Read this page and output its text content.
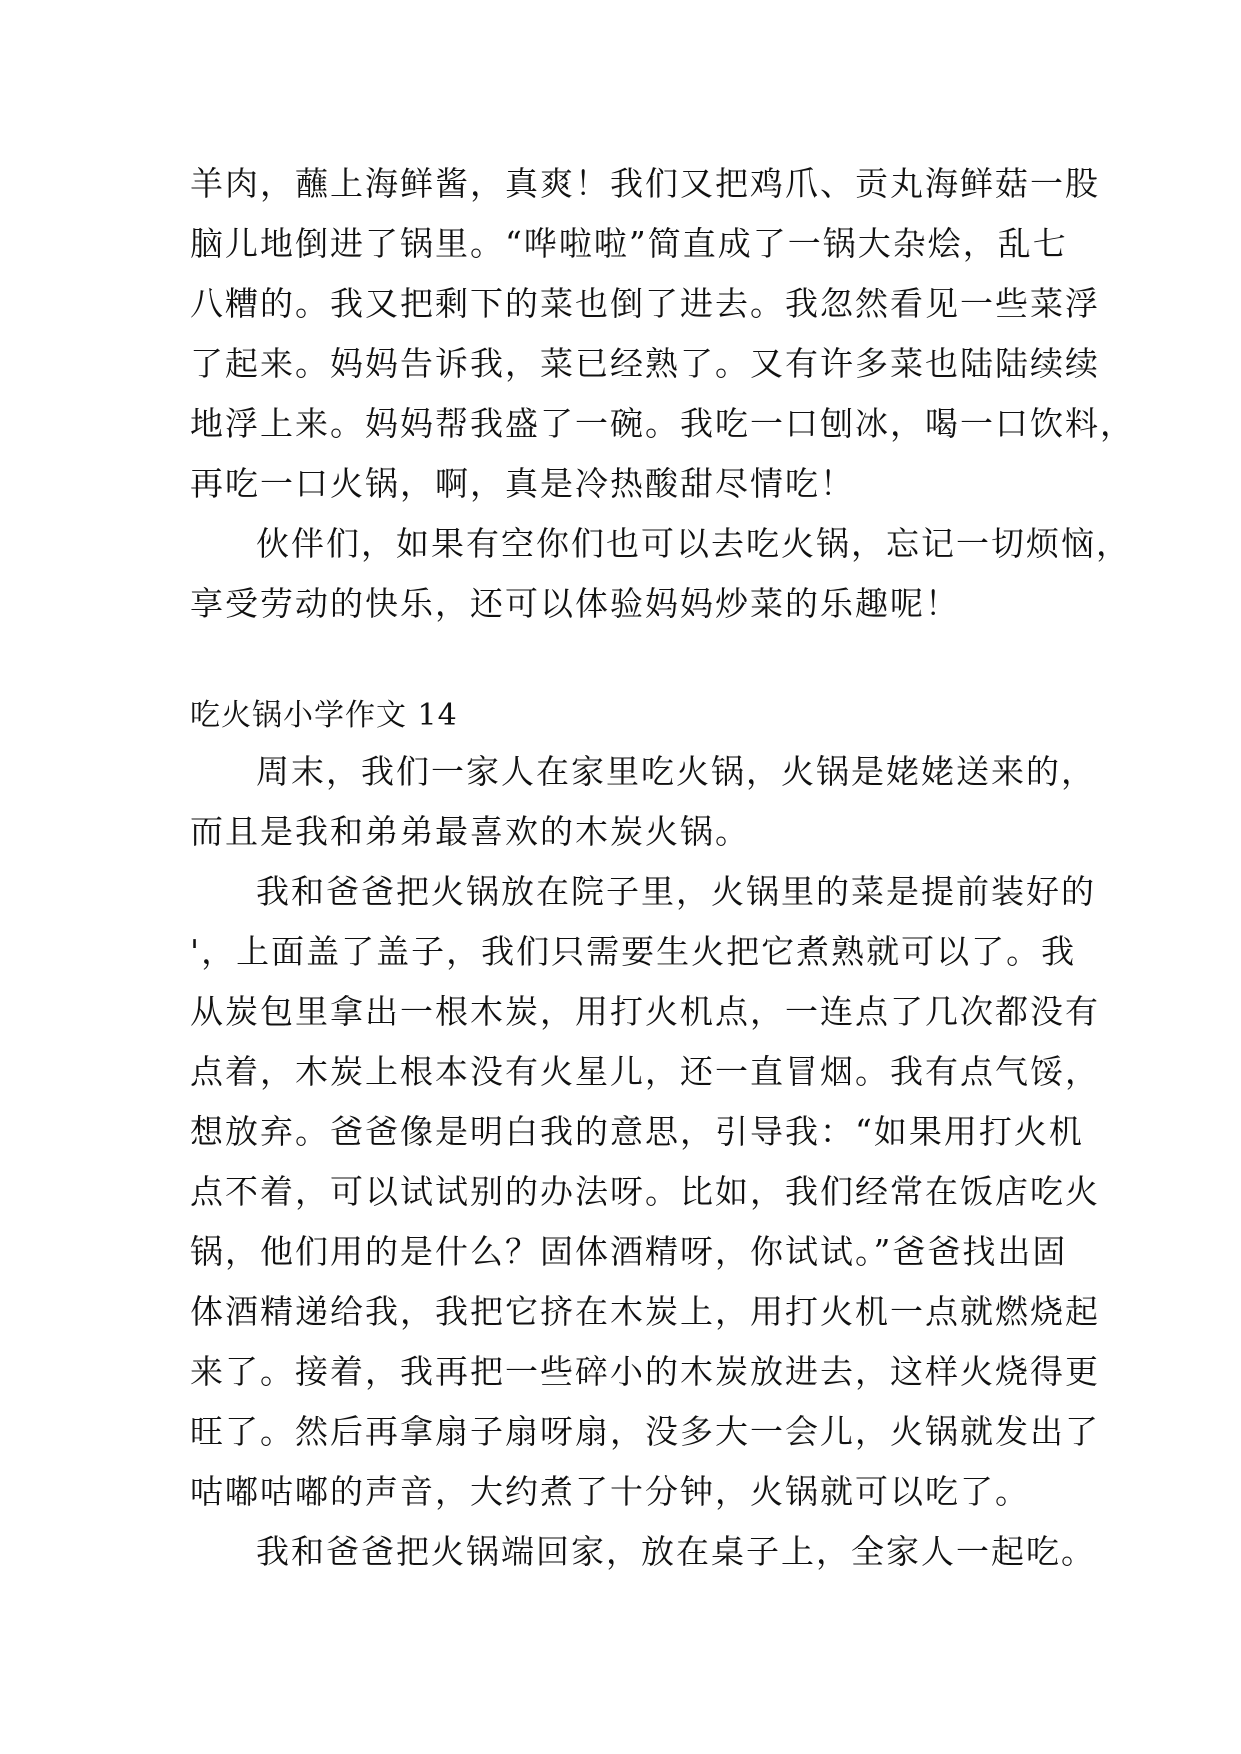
羊肉，蘸上海鲜酱，真爽！我们又把鸡爪、贡丸海鲜菇一股
脑儿地倒进了锅里。“哗啦啦”简直成了一锅大杂烩，乱七
八糟的。我又把剩下的菜也倒了进去。我忽然看见一些菜浮
了起来。妈妈告诉我，菜已经熟了。又有许多菜也陆陆续续
地浮上来。妈妈帮我盛了一碗。我吃一口刨冰，喝一口饮料，
再吃一口火锅，啊，真是冷热酸甜尽情吃！
伙伴们，如果有空你们也可以去吃火锅，忘记一切烦恼，
享受劳动的快乐，还可以体验妈妈炒菜的乐趣呢！
吃火锅小学作文 14
周末，我们一家人在家里吃火锅，火锅是姥姥送来的，
而且是我和弟弟最喜欢的木炭火锅。
我和爸爸把火锅放在院子里，火锅里的菜是提前装好的
'，上面盖了盖子，我们只需要生火把它煮熟就可以了。我
从炭包里拿出一根木炭，用打火机点，一连点了几次都没有
点着，木炭上根本没有火星儿，还一直冒烟。我有点气馁，
想放弃。爸爸像是明白我的意思，引导我：“如果用打火机
点不着，可以试试别的办法呀。比如，我们经常在饭店吃火
锅，他们用的是什么？固体酒精呀，你试试。”爸爸找出固
体酒精递给我，我把它挤在木炭上，用打火机一点就燃烧起
来了。接着，我再把一些碎小的木炭放进去，这样火烧得更
旺了。然后再拿扇子扇呀扇，没多大一会儿，火锅就发出了
咕嘟咕嘟的声音，大约煮了十分钟，火锅就可以吃了。
我和爸爸把火锅端回家，放在桌子上，全家人一起吃。
